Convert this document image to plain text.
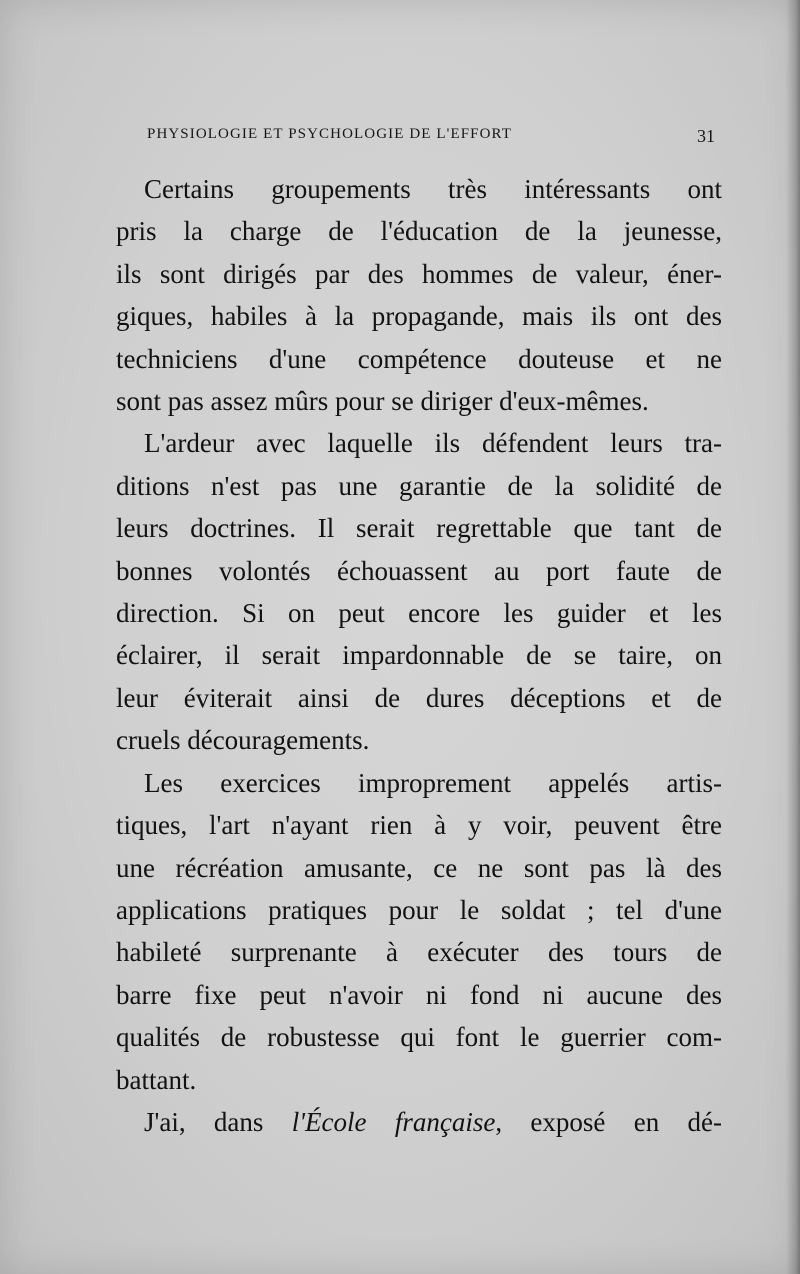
PHYSIOLOGIE ET PSYCHOLOGIE DE L'EFFORT	31
Certains groupements très intéressants ont
pris la charge de l'éducation de la jeunesse,
ils sont dirigés par des hommes de valeur, éner-
giques, habiles à la propagande, mais ils ont des
techniciens d'une compétence douteuse et ne
sont pas assez mûrs pour se diriger d'eux-mêmes.
L'ardeur avec laquelle ils défendent leurs tra-
ditions n'est pas une garantie de la solidité de
leurs doctrines. Il serait regrettable que tant de
bonnes volontés échouassent au port faute de
direction. Si on peut encore les guider et les
éclairer, il serait impardonnable de se taire, on
leur éviterait ainsi de dures déceptions et de
cruels découragements.
Les exercices improprement appelés artis-
tiques, l'art n'ayant rien à y voir, peuvent être
une récréation amusante, ce ne sont pas là des
applications pratiques pour le soldat ; tel d'une
habileté surprenante à exécuter des tours de
barre fixe peut n'avoir ni fond ni aucune des
qualités de robustesse qui font le guerrier com-
battant.
J'ai, dans l'École française, exposé en dé-
